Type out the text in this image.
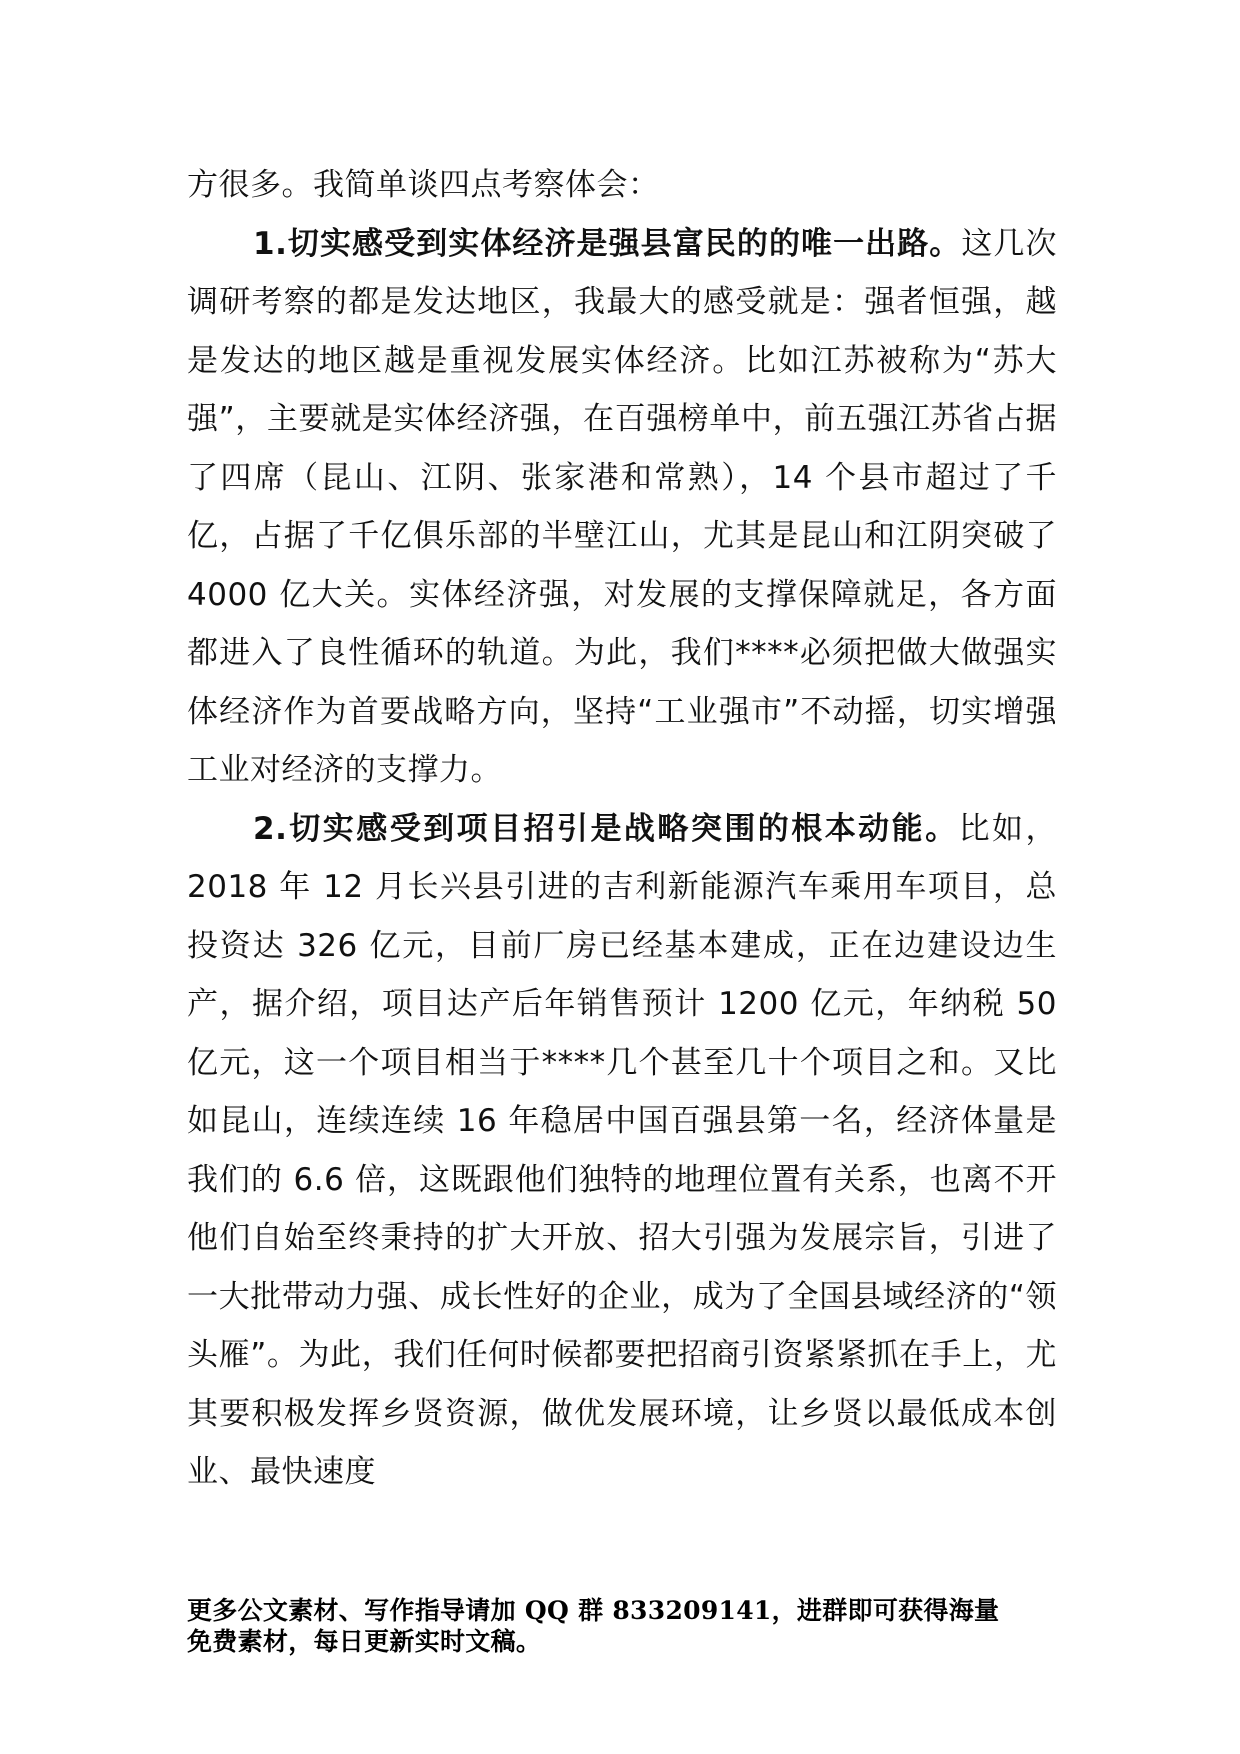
方很多。我简单谈四点考察体会：

1.切实感受到实体经济是强县富民的的唯一出路。这几次调研考察的都是发达地区，我最大的感受就是：强者恒强，越是发达的地区越是重视发展实体经济。比如江苏被称为“苏大强”，主要就是实体经济强，在百强榜单中，前五强江苏省占据了四席（昆山、江阴、张家港和常熟），14 个县市超过了千亿，占据了千亿俱乐部的半壁江山，尤其是昆山和江阴突破了 4000 亿大关。实体经济强，对发展的支撑保障就足，各方面都进入了良性循环的轨道。为此，我们****必须把做大做强实体经济作为首要战略方向，坚持“工业强市”不动摇，切实增强工业对经济的支撑力。

2.切实感受到项目招引是战略突围的根本动能。比如，2018 年 12 月长兴县引进的吉利新能源汽车乘用车项目，总投资达 326 亿元，目前厂房已经基本建成，正在边建设边生产，据介绍，项目达产后年销售预计 1200 亿元，年纳税 50 亿元，这一个项目相当于****几个甚至几十个项目之和。又比如昆山，连续连续 16 年稳居中国百强县第一名，经济体量是我们的 6.6 倍，这既跟他们独特的地理位置有关系，也离不开他们自始至终秉持的扩大开放、招大引强为发展宗旨，引进了一大批带动力强、成长性好的企业，成为了全国县域经济的“领头雁”。为此，我们任何时候都要把招商引资紧紧抓在手上，尤其要积极发挥乡贤资源，做优发展环境，让乡贤以最低成本创业、最快速度

更多公文素材、写作指导请加 QQ 群 833209141，进群即可获得海量
免费素材，每日更新实时文稿。
